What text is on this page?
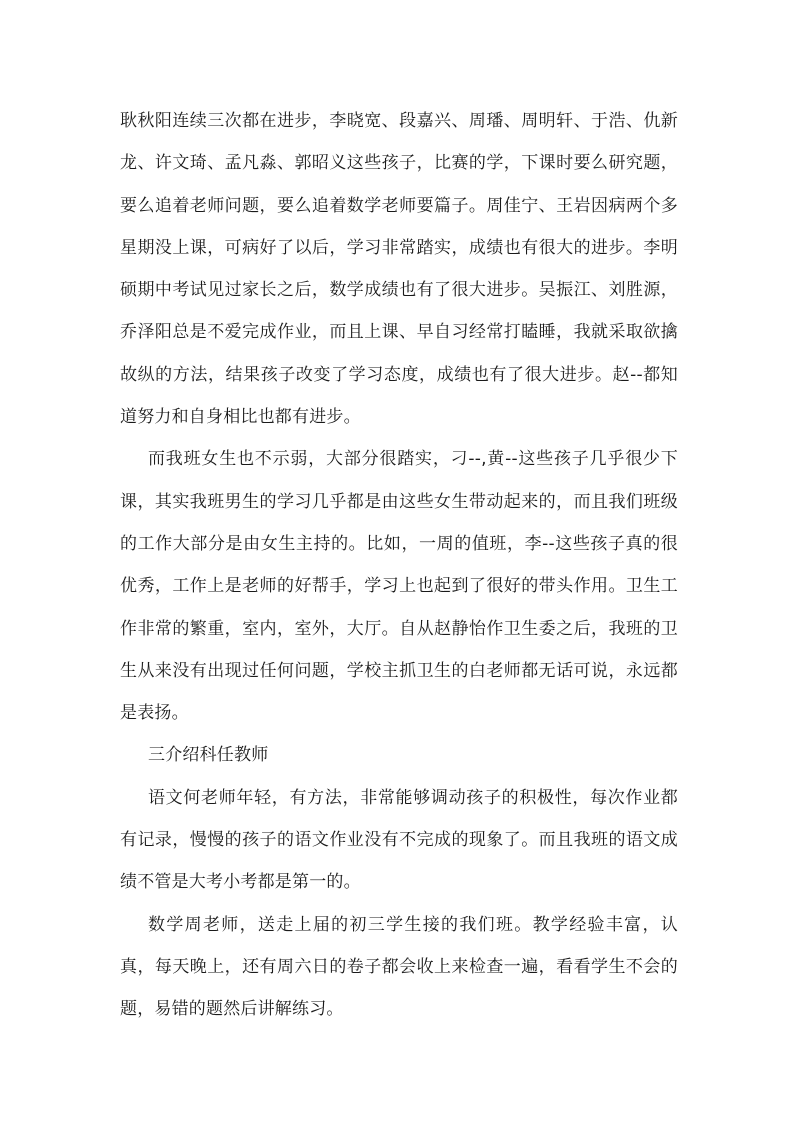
耿秋阳连续三次都在进步，李晓宽、段嘉兴、周璠、周明轩、于浩、仇新龙、许文琦、孟凡淼、郭昭义这些孩子，比赛的学，下课时要么研究题，要么追着老师问题，要么追着数学老师要篇子。周佳宁、王岩因病两个多星期没上课，可病好了以后，学习非常踏实，成绩也有很大的进步。李明硕期中考试见过家长之后，数学成绩也有了很大进步。吴振江、刘胜源，乔泽阳总是不爱完成作业，而且上课、早自习经常打瞌睡，我就采取欲擒故纵的方法，结果孩子改变了学习态度，成绩也有了很大进步。赵--都知道努力和自身相比也都有进步。

而我班女生也不示弱，大部分很踏实，刁--,黄--这些孩子几乎很少下课，其实我班男生的学习几乎都是由这些女生带动起来的，而且我们班级的工作大部分是由女生主持的。比如，一周的值班，李--这些孩子真的很优秀，工作上是老师的好帮手，学习上也起到了很好的带头作用。卫生工作非常的繁重，室内，室外，大厅。自从赵静怡作卫生委之后，我班的卫生从来没有出现过任何问题，学校主抓卫生的白老师都无话可说，永远都是表扬。

三介绍科任教师

语文何老师年轻，有方法，非常能够调动孩子的积极性，每次作业都有记录，慢慢的孩子的语文作业没有不完成的现象了。而且我班的语文成绩不管是大考小考都是第一的。

数学周老师，送走上届的初三学生接的我们班。教学经验丰富，认真，每天晚上，还有周六日的卷子都会收上来检查一遍，看看学生不会的题，易错的题然后讲解练习。
